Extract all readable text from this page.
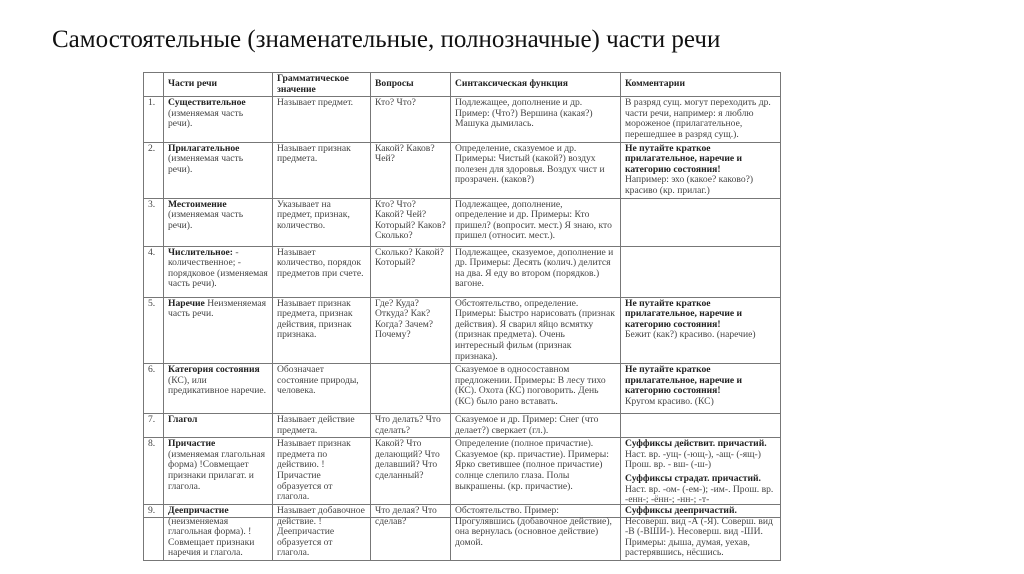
Самостоятельные (знаменательные, полнозначные) части речи
	Части речи	Грамматическое значение	Вопросы	Синтаксическая функция	Комментарии
1.	Существительное (изменяемая часть речи).	Называет предмет.	Кто? Что?	Подлежащее, дополнение и др. Пример: (Что?) Вершина (какая?) Машука дымилась.	В разряд сущ. могут переходить др. части речи, например: я люблю мороженое (прилагательное, перешедшее в разряд сущ.).
2.	Прилагательное (изменяемая часть речи).	Называет признак предмета.	Какой? Каков? Чей?	Определение, сказуемое и др. Примеры: Чистый (какой?) воздух полезен для здоровья. Воздух чист и прозрачен. (каков?)	Не путайте краткое прилагательное, наречие и категорию состояния!
Например: эхо (какое? каково?) красиво (кр. прилаг.)
3.	Местоимение (изменяемая часть речи).	Указывает на предмет, признак, количество.	Кто? Что? Какой? Чей? Который? Каков? Сколько?	Подлежащее, дополнение, определение и др. Примеры: Кто пришел? (вопросит. мест.) Я знаю, кто пришел (относит. мест.).	

4.	Числительное: - количественное; - порядковое (изменяемая часть речи).	Называет количество, порядок предметов при счете.	Сколько? Какой? Который?	Подлежащее, сказуемое, дополнение и др. Примеры: Десять (колич.) делится на два. Я еду во втором (порядков.) вагоне.	

5.	Наречие Неизменяемая часть речи.	Называет признак предмета, признак действия, признак признака.	Где? Куда? Откуда? Как? Когда? Зачем? Почему?	Обстоятельство, определение. Примеры: Быстро нарисовать (признак действия). Я сварил яйцо всмятку (признак предмета). Очень интересный фильм (признак признака).	Не путайте краткое прилагательное, наречие и категорию состояния!
Бежит (как?) красиво. (наречие)
6.	Категория состояния (КС), или предикативное наречие.	Обозначает состояние природы, человека.		Сказуемое в односоставном предложении. Примеры: В лесу тихо (КС). Охота (КС) поговорить. День (КС) было рано вставать.	Не путайте краткое прилагательное, наречие и категорию состояния!
Кругом красиво. (КС)
7.	Глагол	Называет действие предмета.	Что делать? Что сделать?	Сказуемое и др. Пример: Снег (что делает?) сверкает (гл.).	

8.	Причастие (изменяемая глагольная форма) !Совмещает признаки прилагат. и глагола.	Называет признак предмета по действию. ! Причастие образуется от глагола.	Какой? Что делающий? Что делавший? Что сделанный?	Определение (полное причастие). Сказуемое (кр. причастие). Примеры: Ярко светившее (полное причастие) солнце слепило глаза. Полы выкрашены. (кр. причастие).	Суффиксы действит. причастий.
Наст. вр. -ущ- (-ющ-), -ащ- (-ящ-) Прош. вр. - вш- (-ш-)
Суффиксы страдат. причастий.
Наст. вр. -ом- (-ем-); -им-. Прош. вр. -енн-; -ённ-; -нн-; -т-
9.	Деепричастие (неизменяемая глагольная форма). ! Совмещает признаки наречия и глагола.	Называет добавочное действие. ! Деепричастие образуется от глагола.	Что делая? Что сделав?	Обстоятельство. Пример: Прогулявшись (добавочное действие), она вернулась (основное действие) домой.	
Суффиксы деепричастий.
Несоверш. вид -А (-Я). Соверш. вид -В (-ВШИ-). Несоверш. вид -ШИ. Примеры: дыша, думая, уехав, растерявшись, нёсшись.
